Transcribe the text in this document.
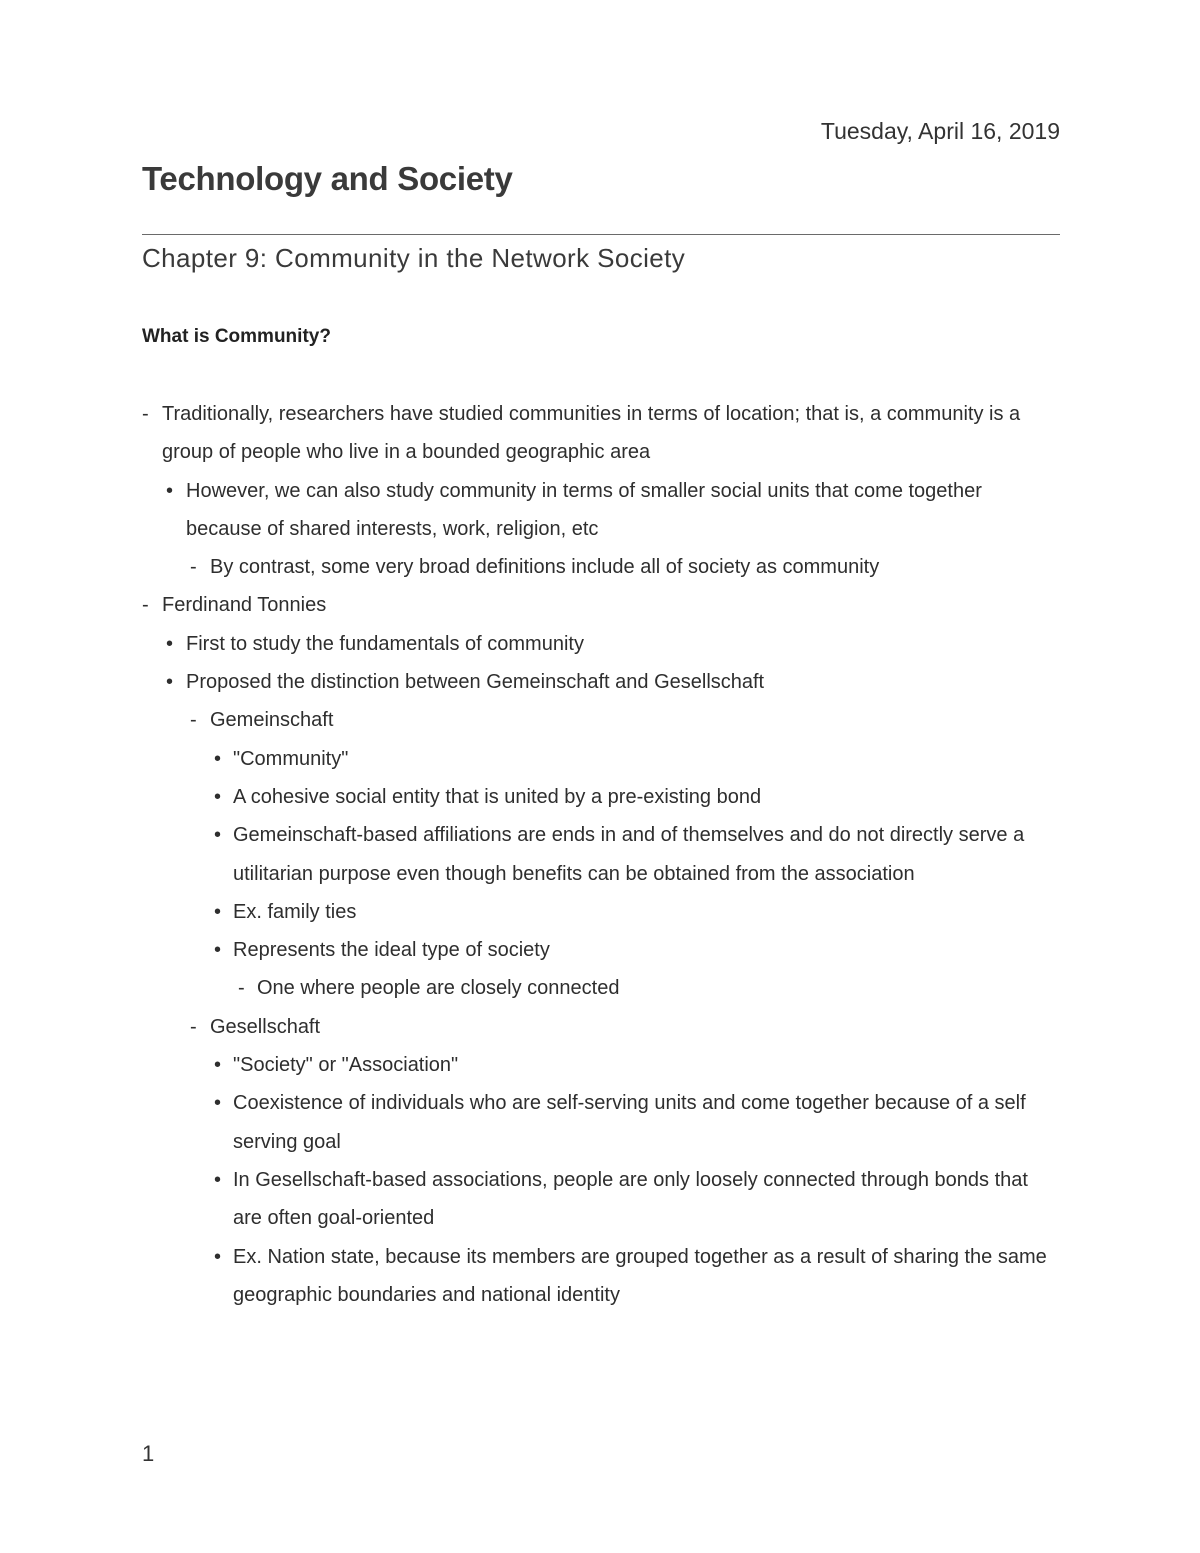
Tuesday, April 16, 2019
Technology and Society
Chapter 9: Community in the Network Society
What is Community?
- Traditionally, researchers have studied communities in terms of location; that is, a community is a group of people who live in a bounded geographic area
• However, we can also study community in terms of smaller social units that come together because of shared interests, work, religion, etc
- By contrast, some very broad definitions include all of society as community
- Ferdinand Tonnies
• First to study the fundamentals of community
• Proposed the distinction between Gemeinschaft and Gesellschaft
- Gemeinschaft
• "Community"
• A cohesive social entity that is united by a pre-existing bond
• Gemeinschaft-based affiliations are ends in and of themselves and do not directly serve a utilitarian purpose even though benefits can be obtained from the association
• Ex. family ties
• Represents the ideal type of society
- One where people are closely connected
- Gesellschaft
• "Society" or "Association"
• Coexistence of individuals who are self-serving units and come together because of a self serving goal
• In Gesellschaft-based associations, people are only loosely connected through bonds that are often goal-oriented
• Ex. Nation state, because its members are grouped together as a result of sharing the same geographic boundaries and national identity
1
